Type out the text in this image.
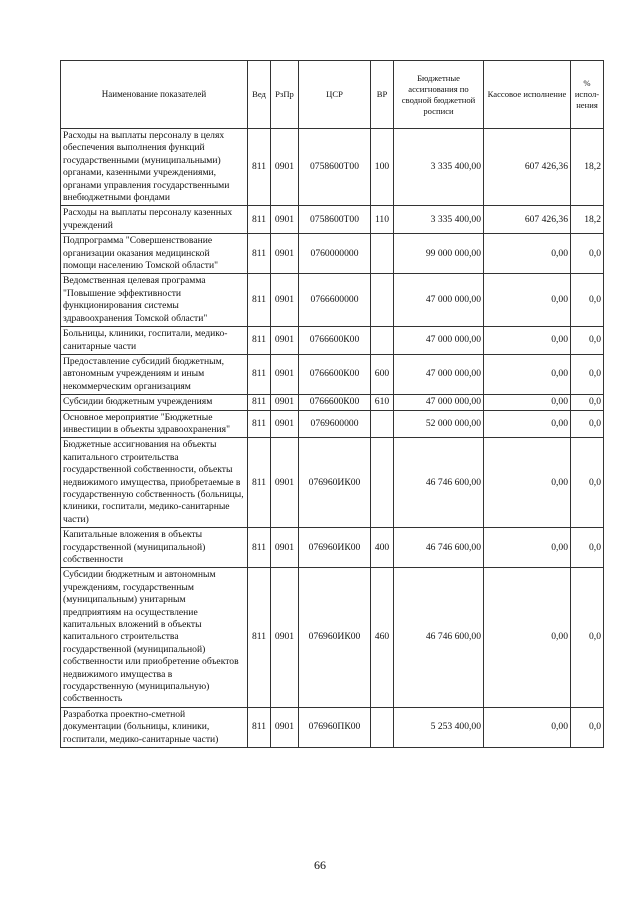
Наименование показателей	Вед	РзПр	ЦСР	ВР	Бюджетные ассигнования по сводной бюджетной росписи	Кассовое исполнение	% испол-нения
Расходы на выплаты персоналу в целях обеспечения выполнения функций государственными (муниципальными) органами, казенными учреждениями, органами управления государственными внебюджетными фондами	811	0901	0758600Т00	100	3 335 400,00	607 426,36	18,2
Расходы на выплаты персоналу казенных учреждений	811	0901	0758600Т00	110	3 335 400,00	607 426,36	18,2
Подпрограмма "Совершенствование организации оказания медицинской помощи населению Томской области"	811	0901	0760000000		99 000 000,00	0,00	0,0
Ведомственная целевая программа "Повышение эффективности функционирования системы здравоохранения Томской области"	811	0901	0766600000		47 000 000,00	0,00	0,0
Больницы, клиники, госпитали, медико-санитарные части	811	0901	0766600К00		47 000 000,00	0,00	0,0
Предоставление субсидий бюджетным, автономным учреждениям и иным некоммерческим организациям	811	0901	0766600К00	600	47 000 000,00	0,00	0,0
Субсидии бюджетным учреждениям	811	0901	0766600К00	610	47 000 000,00	0,00	0,0
Основное мероприятие "Бюджетные инвестиции в объекты здравоохранения"	811	0901	0769600000		52 000 000,00	0,00	0,0
Бюджетные ассигнования на объекты капитального строительства государственной собственности, объекты недвижимого имущества, приобретаемые в государственную собственность (больницы, клиники, госпитали, медико-санитарные части)	811	0901	076960ИК00		46 746 600,00	0,00	0,0
Капитальные вложения в объекты государственной (муниципальной) собственности	811	0901	076960ИК00	400	46 746 600,00	0,00	0,0
Субсидии бюджетным и автономным учреждениям, государственным (муниципальным) унитарным предприятиям на осуществление капитальных вложений в объекты капитального строительства государственной (муниципальной) собственности или приобретение объектов недвижимого имущества в государственную (муниципальную) собственность	811	0901	076960ИК00	460	46 746 600,00	0,00	0,0
Разработка проектно-сметной документации (больницы, клиники, госпитали, медико-санитарные части)	811	0901	076960ПК00		5 253 400,00	0,00	0,0
66
